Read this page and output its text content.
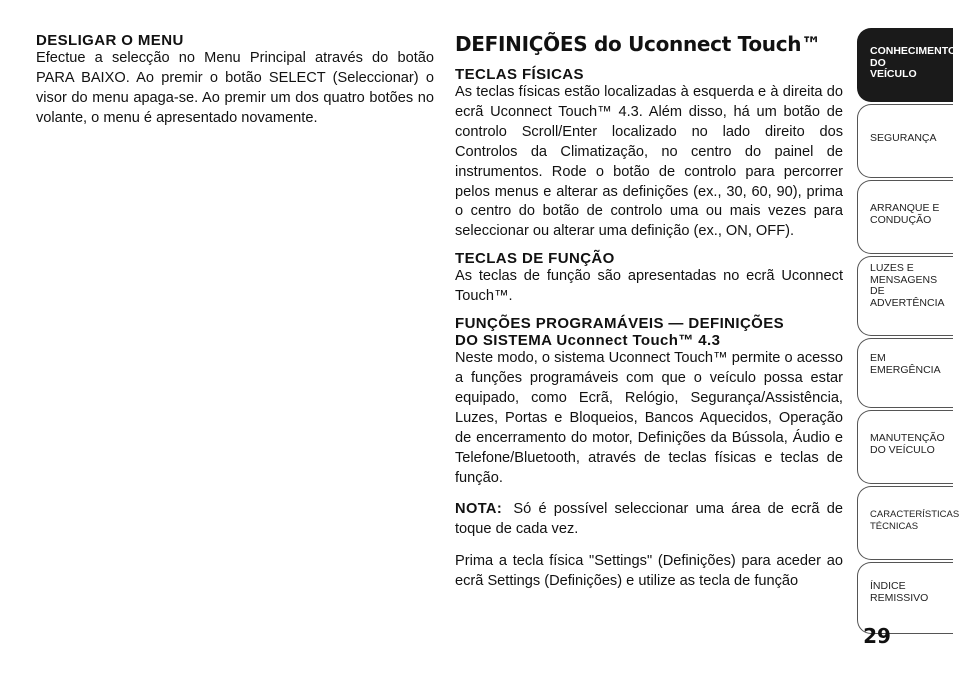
DESLIGAR O MENU

Efectue a selecção no Menu Principal através do botão PARA BAIXO. Ao premir o botão SELECT (Seleccionar) o visor do menu apaga-se. Ao premir um dos quatro botões no volante, o menu é apresentado novamente.

DEFINIÇÕES do Uconnect Touch™

TECLAS FÍSICAS

As teclas físicas estão localizadas à esquerda e à direita do ecrã Uconnect Touch™ 4.3. Além disso, há um botão de controlo Scroll/Enter localizado no lado direito dos Controlos da Climatização, no centro do painel de instrumentos. Rode o botão de controlo para percorrer pelos menus e alterar as definições (ex., 30, 60, 90), prima o centro do botão de controlo uma ou mais vezes para seleccionar ou alterar uma definição (ex., ON, OFF).

TECLAS DE FUNÇÃO

As teclas de função são apresentadas no ecrã Uconnect Touch™.

FUNÇÕES PROGRAMÁVEIS — DEFINIÇÕES
DO SISTEMA Uconnect Touch™ 4.3

Neste modo, o sistema Uconnect Touch™ permite o acesso a funções programáveis com que o veículo possa estar equipado, como Ecrã, Relógio, Segurança/Assistência, Luzes, Portas e Bloqueios, Bancos Aquecidos, Operação de encerramento do motor, Definições da Bússola, Áudio e Telefone/Bluetooth, através de teclas físicas e teclas de função.

NOTA: Só é possível seleccionar uma área de ecrã de toque de cada vez.

Prima a tecla física "Settings" (Definições) para aceder ao ecrã Settings (Definições) e utilize as tecla de função

CONHECIMENTO
DO
VEÍCULO
SEGURANÇA
ARRANQUE E
CONDUÇÃO
LUZES E
MENSAGENS
DE
ADVERTÊNCIA
EM
EMERGÊNCIA
MANUTENÇÃO
DO VEÍCULO
CARACTERÍSTICAS
TÉCNICAS
ÍNDICE
REMISSIVO
29
